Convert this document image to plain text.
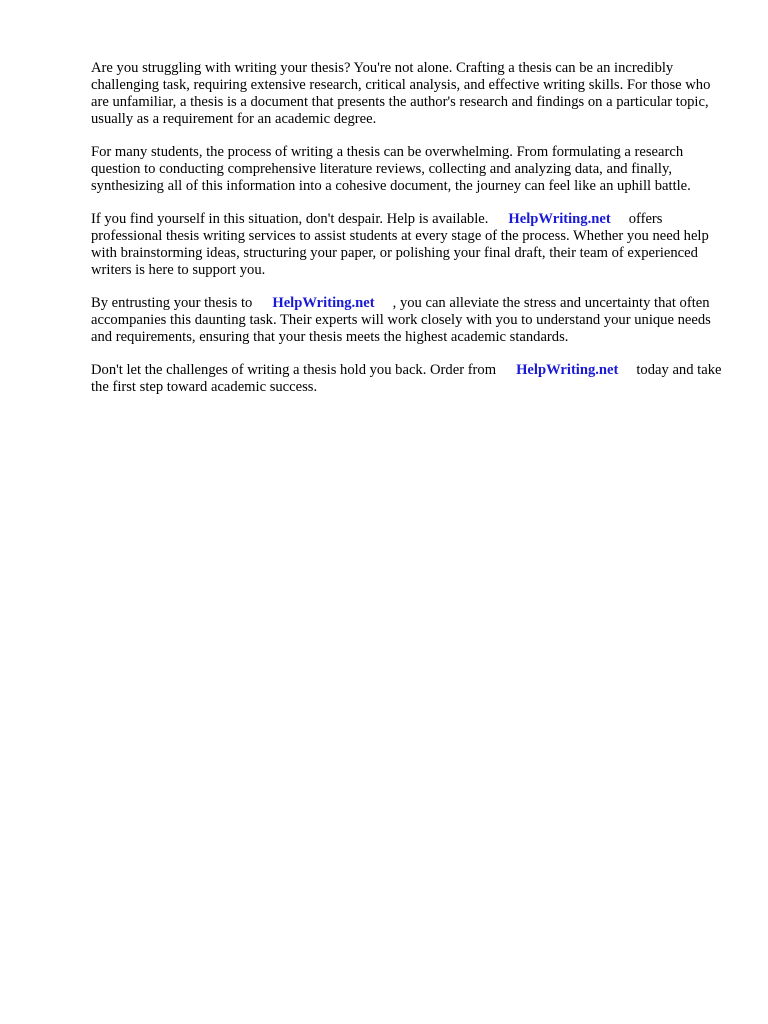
Are you struggling with writing your thesis? You're not alone. Crafting a thesis can be an incredibly challenging task, requiring extensive research, critical analysis, and effective writing skills. For those who are unfamiliar, a thesis is a document that presents the author's research and findings on a particular topic, usually as a requirement for an academic degree.

For many students, the process of writing a thesis can be overwhelming. From formulating a research question to conducting comprehensive literature reviews, collecting and analyzing data, and finally, synthesizing all of this information into a cohesive document, the journey can feel like an uphill battle.

If you find yourself in this situation, don't despair. Help is available. HelpWriting.net offers professional thesis writing services to assist students at every stage of the process. Whether you need help with brainstorming ideas, structuring your paper, or polishing your final draft, their team of experienced writers is here to support you.

By entrusting your thesis to HelpWriting.net , you can alleviate the stress and uncertainty that often accompanies this daunting task. Their experts will work closely with you to understand your unique needs and requirements, ensuring that your thesis meets the highest academic standards.

Don't let the challenges of writing a thesis hold you back. Order from HelpWriting.net today and take the first step toward academic success.
